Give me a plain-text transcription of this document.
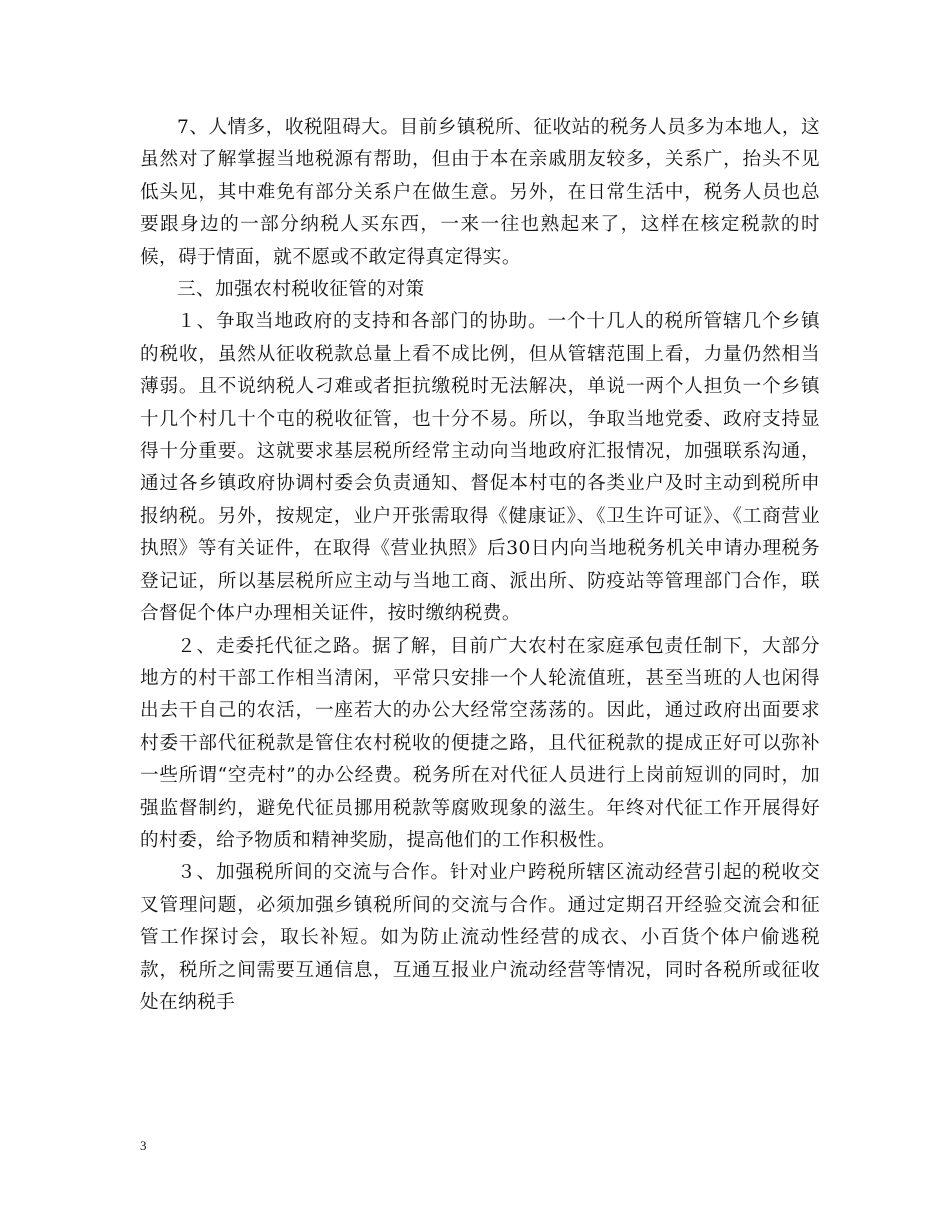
7、人情多，收税阻碍大。目前乡镇税所、征收站的税务人员多为本地人，这虽然对了解掌握当地税源有帮助，但由于本在亲戚朋友较多，关系广，抬头不见低头见，其中难免有部分关系户在做生意。另外，在日常生活中，税务人员也总要跟身边的一部分纳税人买东西，一来一往也熟起来了，这样在核定税款的时候，碍于情面，就不愿或不敢定得真定得实。

三、加强农村税收征管的对策

１、争取当地政府的支持和各部门的协助。一个十几人的税所管辖几个乡镇的税收，虽然从征收税款总量上看不成比例，但从管辖范围上看，力量仍然相当薄弱。且不说纳税人刁难或者拒抗缴税时无法解决，单说一两个人担负一个乡镇十几个村几十个屯的税收征管，也十分不易。所以，争取当地党委、政府支持显得十分重要。这就要求基层税所经常主动向当地政府汇报情况，加强联系沟通，通过各乡镇政府协调村委会负责通知、督促本村屯的各类业户及时主动到税所申报纳税。另外，按规定，业户开张需取得《健康证》、《卫生许可证》、《工商营业执照》等有关证件，在取得《营业执照》后30日内向当地税务机关申请办理税务登记证，所以基层税所应主动与当地工商、派出所、防疫站等管理部门合作，联合督促个体户办理相关证件，按时缴纳税费。

２、走委托代征之路。据了解，目前广大农村在家庭承包责任制下，大部分地方的村干部工作相当清闲，平常只安排一个人轮流值班，甚至当班的人也闲得出去干自己的农活，一座若大的办公大经常空荡荡的。因此，通过政府出面要求村委干部代征税款是管住农村税收的便捷之路，且代征税款的提成正好可以弥补一些所谓“空壳村”的办公经费。税务所在对代征人员进行上岗前短训的同时，加强监督制约，避免代征员挪用税款等腐败现象的滋生。年终对代征工作开展得好的村委，给予物质和精神奖励，提高他们的工作积极性。

３、加强税所间的交流与合作。针对业户跨税所辖区流动经营引起的税收交叉管理问题，必须加强乡镇税所间的交流与合作。通过定期召开经验交流会和征管工作探讨会，取长补短。如为防止流动性经营的成衣、小百货个体户偷逃税款，税所之间需要互通信息，互通互报业户流动经营等情况，同时各税所或征收处在纳税手

3
